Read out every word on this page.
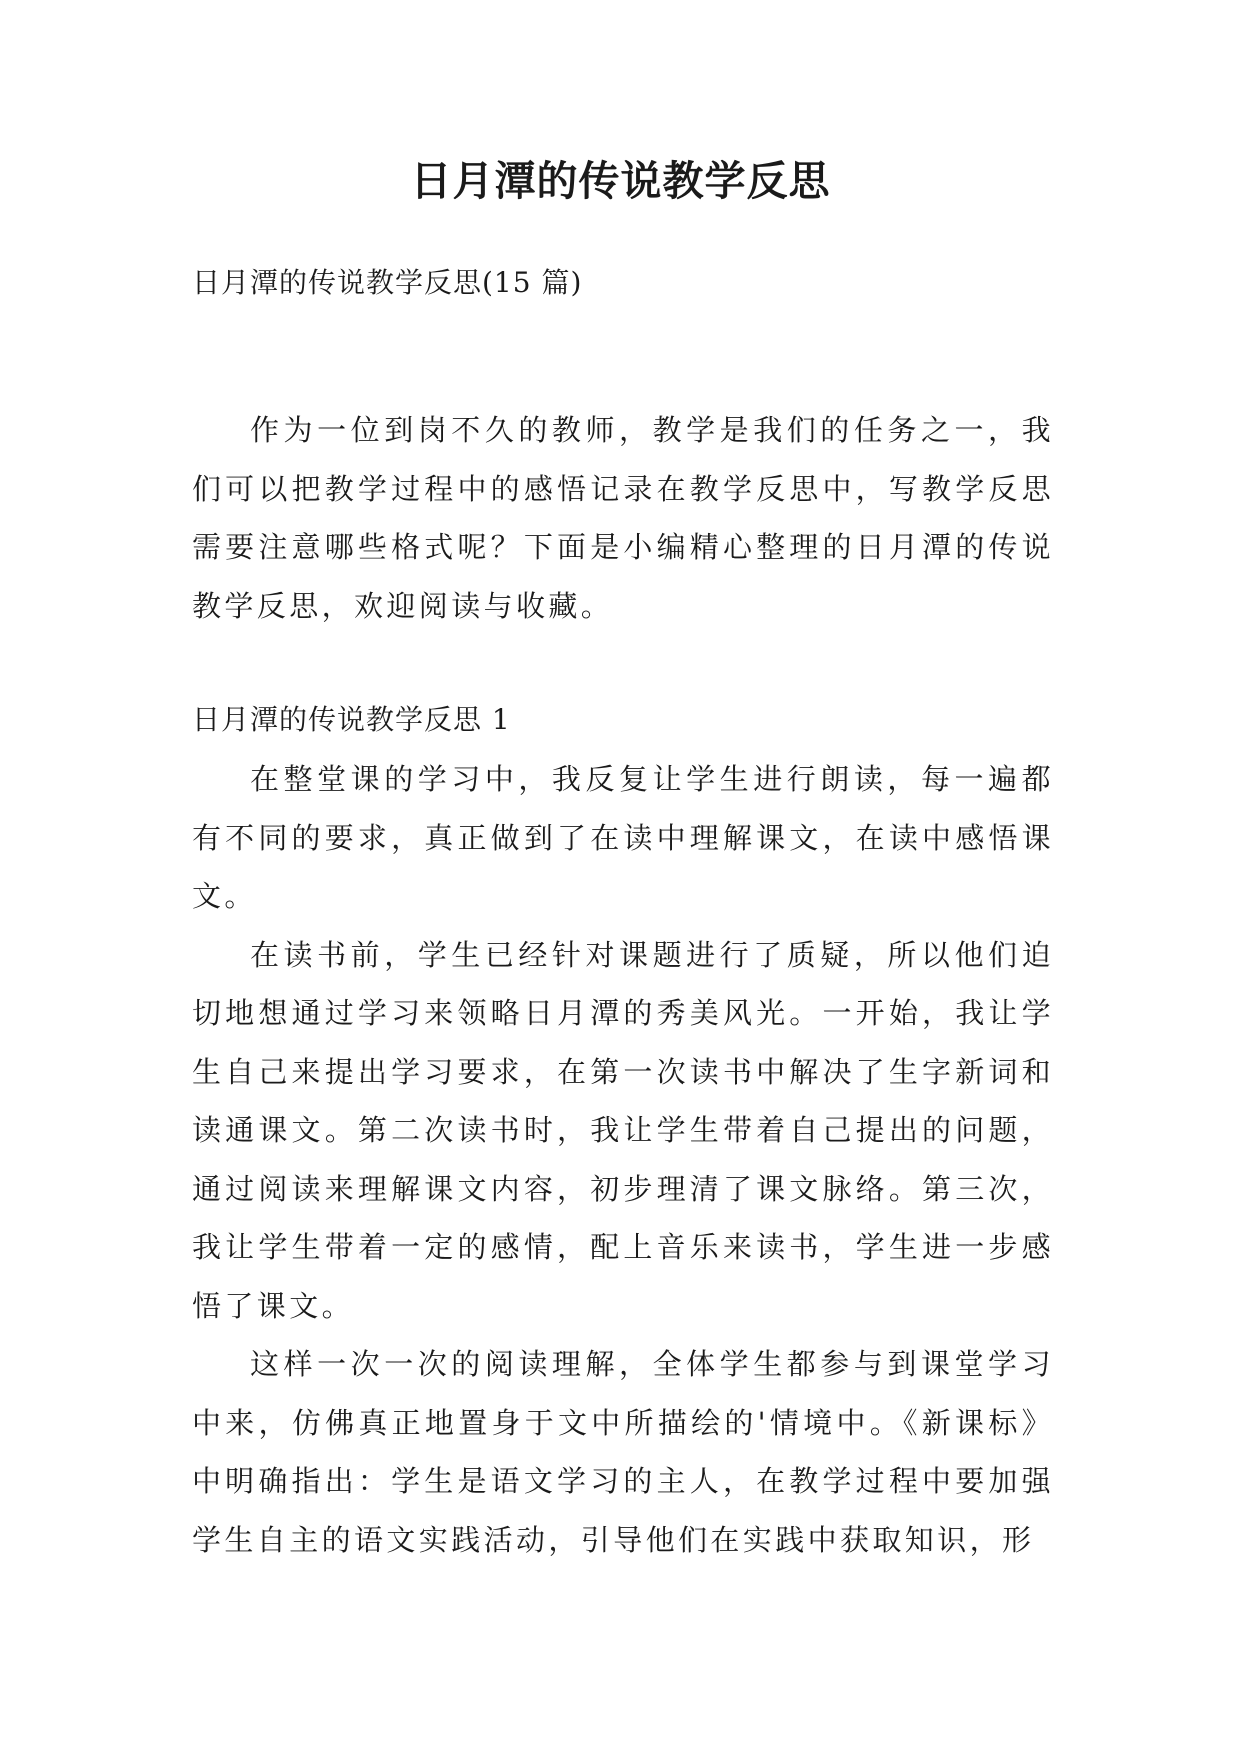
日月潭的传说教学反思

日月潭的传说教学反思(15 篇)

作为一位到岗不久的教师，教学是我们的任务之一，我们可以把教学过程中的感悟记录在教学反思中，写教学反思需要注意哪些格式呢？下面是小编精心整理的日月潭的传说教学反思，欢迎阅读与收藏。

日月潭的传说教学反思 1

在整堂课的学习中，我反复让学生进行朗读，每一遍都有不同的要求，真正做到了在读中理解课文，在读中感悟课文。

在读书前，学生已经针对课题进行了质疑，所以他们迫切地想通过学习来领略日月潭的秀美风光。一开始，我让学生自己来提出学习要求，在第一次读书中解决了生字新词和读通课文。第二次读书时，我让学生带着自己提出的问题，通过阅读来理解课文内容，初步理清了课文脉络。第三次，我让学生带着一定的感情，配上音乐来读书，学生进一步感悟了课文。

这样一次一次的阅读理解，全体学生都参与到课堂学习中来，仿佛真正地置身于文中所描绘的'情境中。《新课标》中明确指出：学生是语文学习的主人，在教学过程中要加强学生自主的语文实践活动，引导他们在实践中获取知识，形
